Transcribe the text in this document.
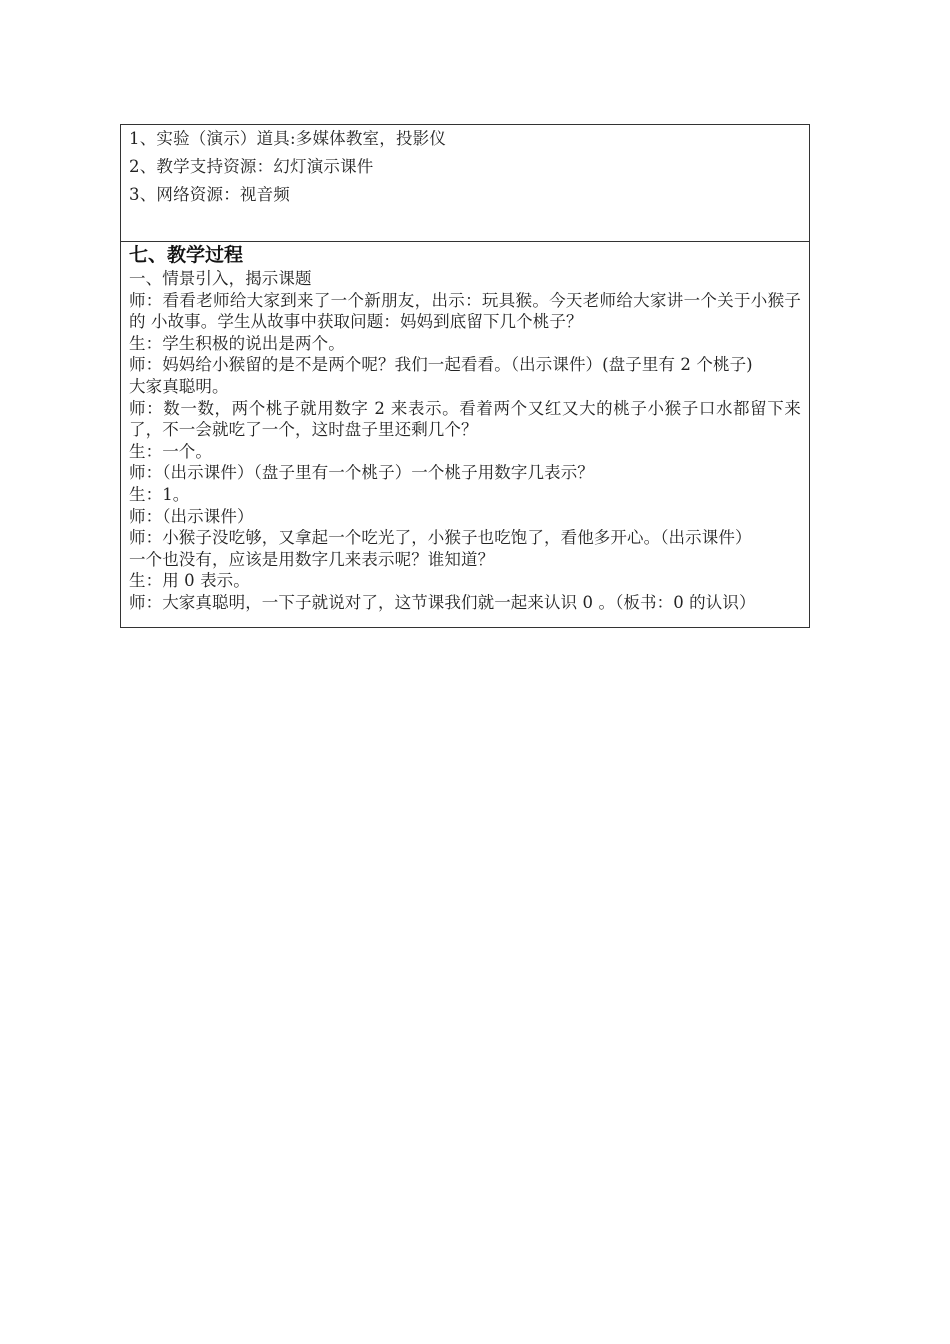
1、实验（演示）道具:多媒体教室，投影仪
2、教学支持资源：幻灯演示课件
3、网络资源：视音频
七、教学过程
一、情景引入，揭示课题
师：看看老师给大家到来了一个新朋友，出示：玩具猴。今天老师给大家讲一个关于小猴子的 小故事。学生从故事中获取问题：妈妈到底留下几个桃子？
生：学生积极的说出是两个。
师：妈妈给小猴留的是不是两个呢？我们一起看看。（出示课件）(盘子里有 2 个桃子)
大家真聪明。
师：数一数，两个桃子就用数字 2 来表示。看着两个又红又大的桃子小猴子口水都留下来了，不一会就吃了一个，这时盘子里还剩几个？
生：一个。
师：（出示课件）（盘子里有一个桃子）一个桃子用数字几表示？
生：1。
师：（出示课件）
师：小猴子没吃够，又拿起一个吃光了，小猴子也吃饱了，看他多开心。（出示课件）
一个也没有，应该是用数字几来表示呢？谁知道？
生：用 0 表示。
师：大家真聪明，一下子就说对了，这节课我们就一起来认识 0 。（板书：0 的认识）
